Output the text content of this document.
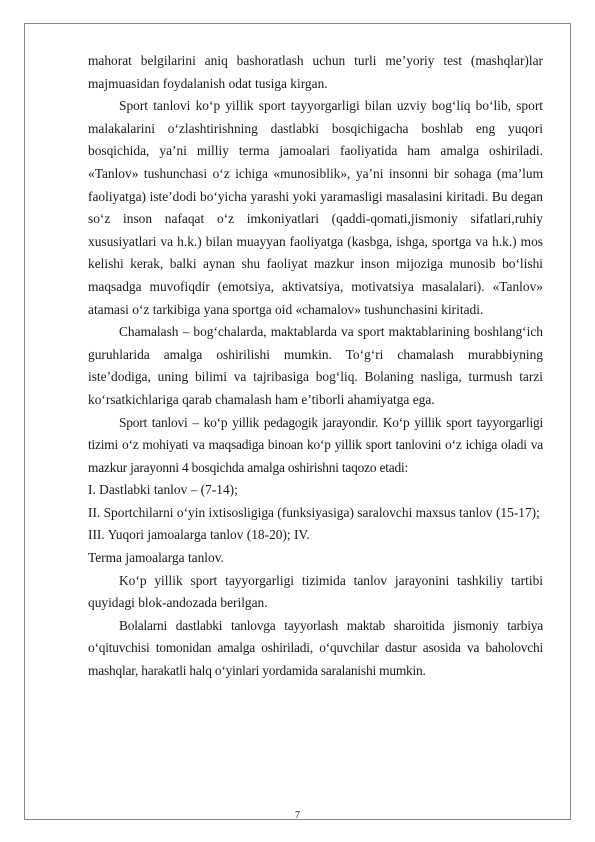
mahorat belgilarini aniq bashoratlash uchun turli me’yoriy test (mashqlar)lar majmuasidan foydalanish odat tusiga kirgan.

Sport tanlovi ko‘p yillik sport tayyorgarligi bilan uzviy bog‘liq bo‘lib, sport malakalarini o‘zlashtirishning dastlabki bosqichigacha boshlab eng yuqori bosqichida, ya’ni milliy terma jamoalari faoliyatida ham amalga oshiriladi. «Tanlov» tushunchasi o‘z ichiga «munosiblik», ya’ni insonni bir sohaga (ma’lum faoliyatga) iste’dodi bo‘yicha yarashi yoki yaramasligi masalasini kiritadi. Bu degan so‘z inson nafaqat o‘z imkoniyatlari (qaddi-qomati,jismoniy sifatlari,ruhiy xususiyatlari va h.k.) bilan muayyan faoliyatga (kasbga, ishga, sportga va h.k.) mos kelishi kerak, balki aynan shu faoliyat mazkur inson mijoziga munosib bo‘lishi maqsadga muvofiqdir (emotsiya, aktivatsiya, motivatsiya masalalari). «Tanlov» atamasi o‘z tarkibiga yana sportga oid «chamalov» tushunchasini kiritadi.

Chamalash – bog‘chalarda, maktablarda va sport maktablarining boshlang‘ich guruhlarida amalga oshirilishi mumkin. To‘g‘ri chamalash murabbiyning iste’dodiga, uning bilimi va tajribasiga bog‘liq. Bolaning nasliga, turmush tarzi ko‘rsatkichlariga qarab chamalash ham e’tiborli ahamiyatga ega.

Sport tanlovi – ko‘p yillik pedagogik jarayondir. Ko‘p yillik sport tayyorgarligi tizimi o‘z mohiyati va maqsadiga binoan ko‘p yillik sport tanlovini o‘z ichiga oladi va mazkur jarayonni 4 bosqichda amalga oshirishni taqozo etadi:

I. Dastlabki tanlov – (7-14);

II. Sportchilarni o‘yin ixtisosligiga (funksiyasiga) saralovchi maxsus tanlov (15-17);

III. Yuqori jamoalarga tanlov (18-20); IV.

Terma jamoalarga tanlov.

Ko‘p yillik sport tayyorgarligi tizimida tanlov jarayonini tashkiliy tartibi quyidagi blok-andozada berilgan.

Bolalarni dastlabki tanlovga tayyorlash maktab sharoitida jismoniy tarbiya o‘qituvchisi tomonidan amalga oshiriladi, o‘quvchilar dastur asosida va baholovchi mashqlar, harakatli halq o‘yinlari yordamida saralanishi mumkin.

7
